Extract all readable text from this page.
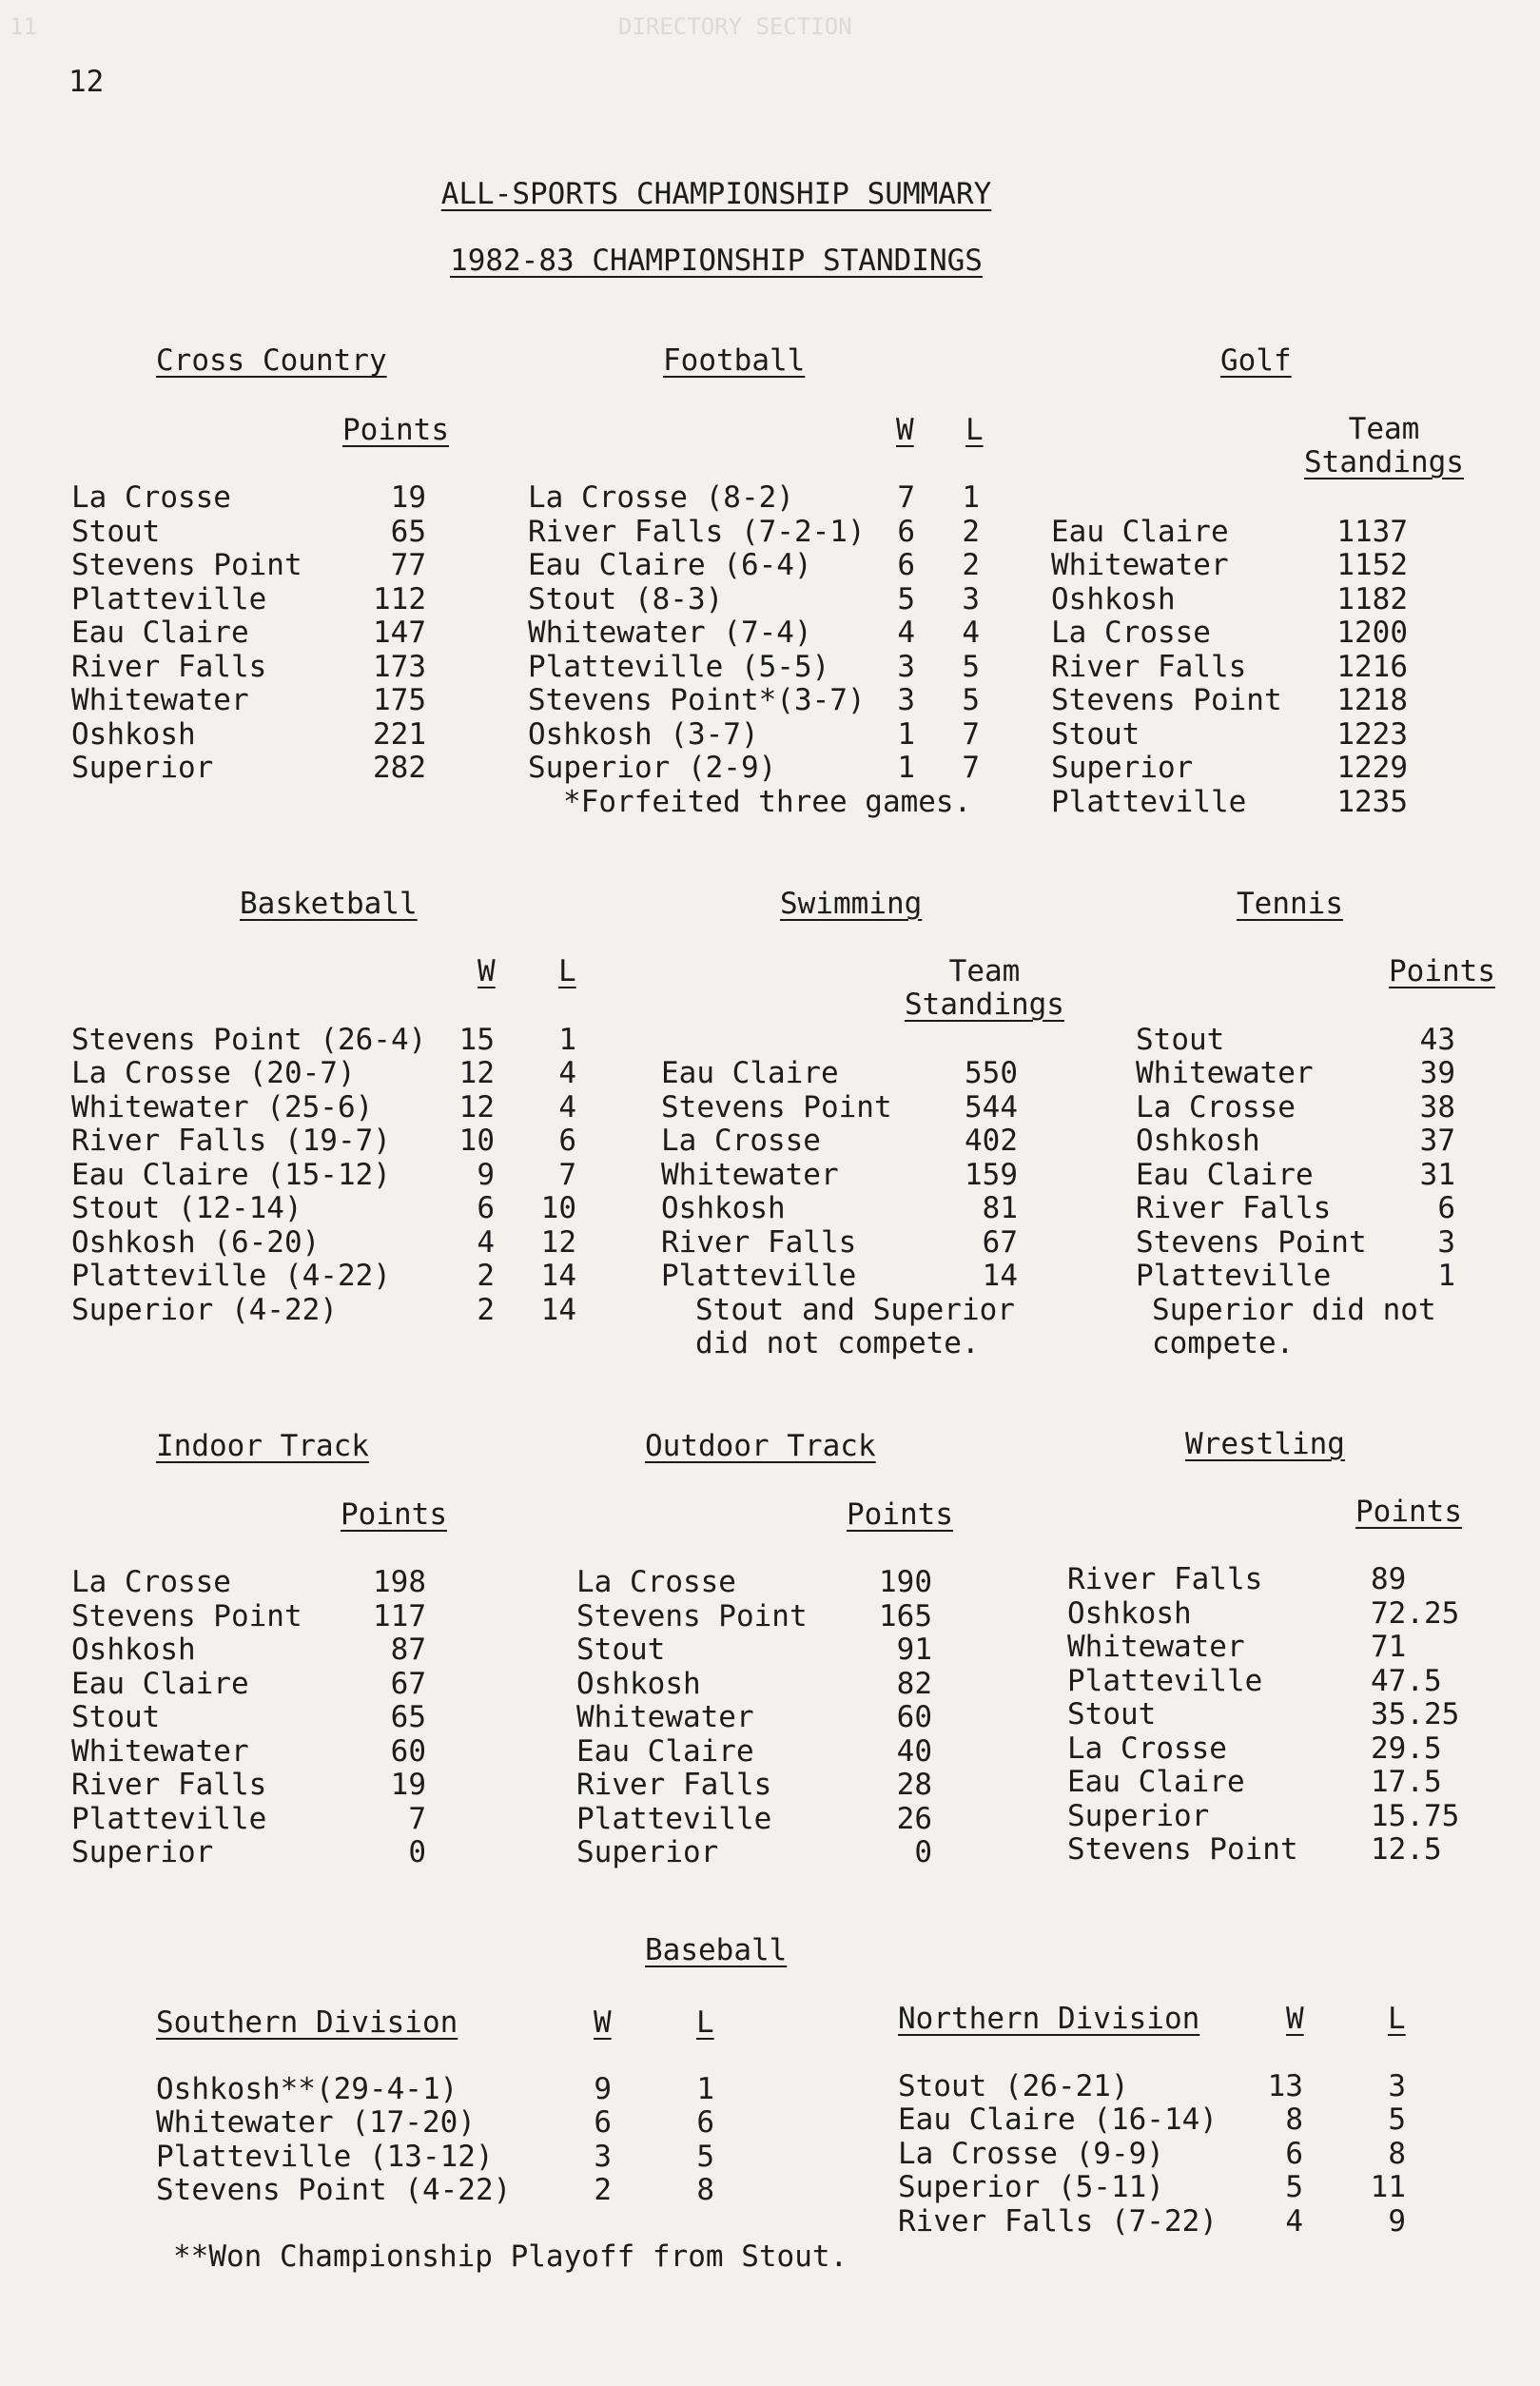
11	DIRECTORY SECTION
12
ALL-SPORTS CHAMPIONSHIP SUMMARY
1982-83 CHAMPIONSHIP STANDINGS
Cross Country
Points
La Crosse	19
Stout	65
Stevens Point	77
Platteville	112
Eau Claire	147
River Falls	173
Whitewater	175
Oshkosh	221
Superior	282
Football
W L
La Crosse (8-2)	7	1
River Falls (7-2-1)	6	2
Eau Claire (6-4)	6	2
Stout (8-3)	5	3
Whitewater (7-4)	4	4
Platteville (5-5)	3	5
Stevens Point*(3-7)	3	5
Oshkosh (3-7)	1	7
Superior (2-9)	1	7
*Forfeited three games.
Golf
Team
Standings
Eau Claire	1137
Whitewater	1152
Oshkosh	1182
La Crosse	1200
River Falls	1216
Stevens Point	1218
Stout	1223
Superior	1229
Platteville	1235
Basketball
W L
Stevens Point (26-4)	15	1
La Crosse (20-7)	12	4
Whitewater (25-6)	12	4
River Falls (19-7)	10	6
Eau Claire (15-12)	9	7
Stout (12-14)	6	10
Oshkosh (6-20)	4	12
Platteville (4-22)	2	14
Superior (4-22)	2	14
Swimming
Team
Standings
Eau Claire	550
Stevens Point	544
La Crosse	402
Whitewater	159
Oshkosh	81
River Falls	67
Platteville	14
Stout and Superior
did not compete.
Tennis
Points
Stout	43
Whitewater	39
La Crosse	38
Oshkosh	37
Eau Claire	31
River Falls	6
Stevens Point	3
Platteville	1
Superior did not
compete.
Indoor Track
Points
La Crosse	198
Stevens Point	117
Oshkosh	87
Eau Claire	67
Stout	65
Whitewater	60
River Falls	19
Platteville	7
Superior	0
Outdoor Track
Points
La Crosse	190
Stevens Point	165
Stout	91
Oshkosh	82
Whitewater	60
Eau Claire	40
River Falls	28
Platteville	26
Superior	0
Wrestling
Points
River Falls	89
Oshkosh	72.25
Whitewater	71
Platteville	47.5
Stout	35.25
La Crosse	29.5
Eau Claire	17.5
Superior	15.75
Stevens Point 12.5
Baseball
Southern Division	W	L
Oshkosh**(29-4-1)	9	1
Whitewater (17-20)	6	6
Platteville (13-12)	3	5
Stevens Point (4-22)	2	8
Northern Division	W	L
Stout (26-21)	13	3
Eau Claire (16-14)	8	5
La Crosse (9-9)	6	8
Superior (5-11)	5	11
River Falls (7-22)	4	9
**Won Championship Playoff from Stout.
